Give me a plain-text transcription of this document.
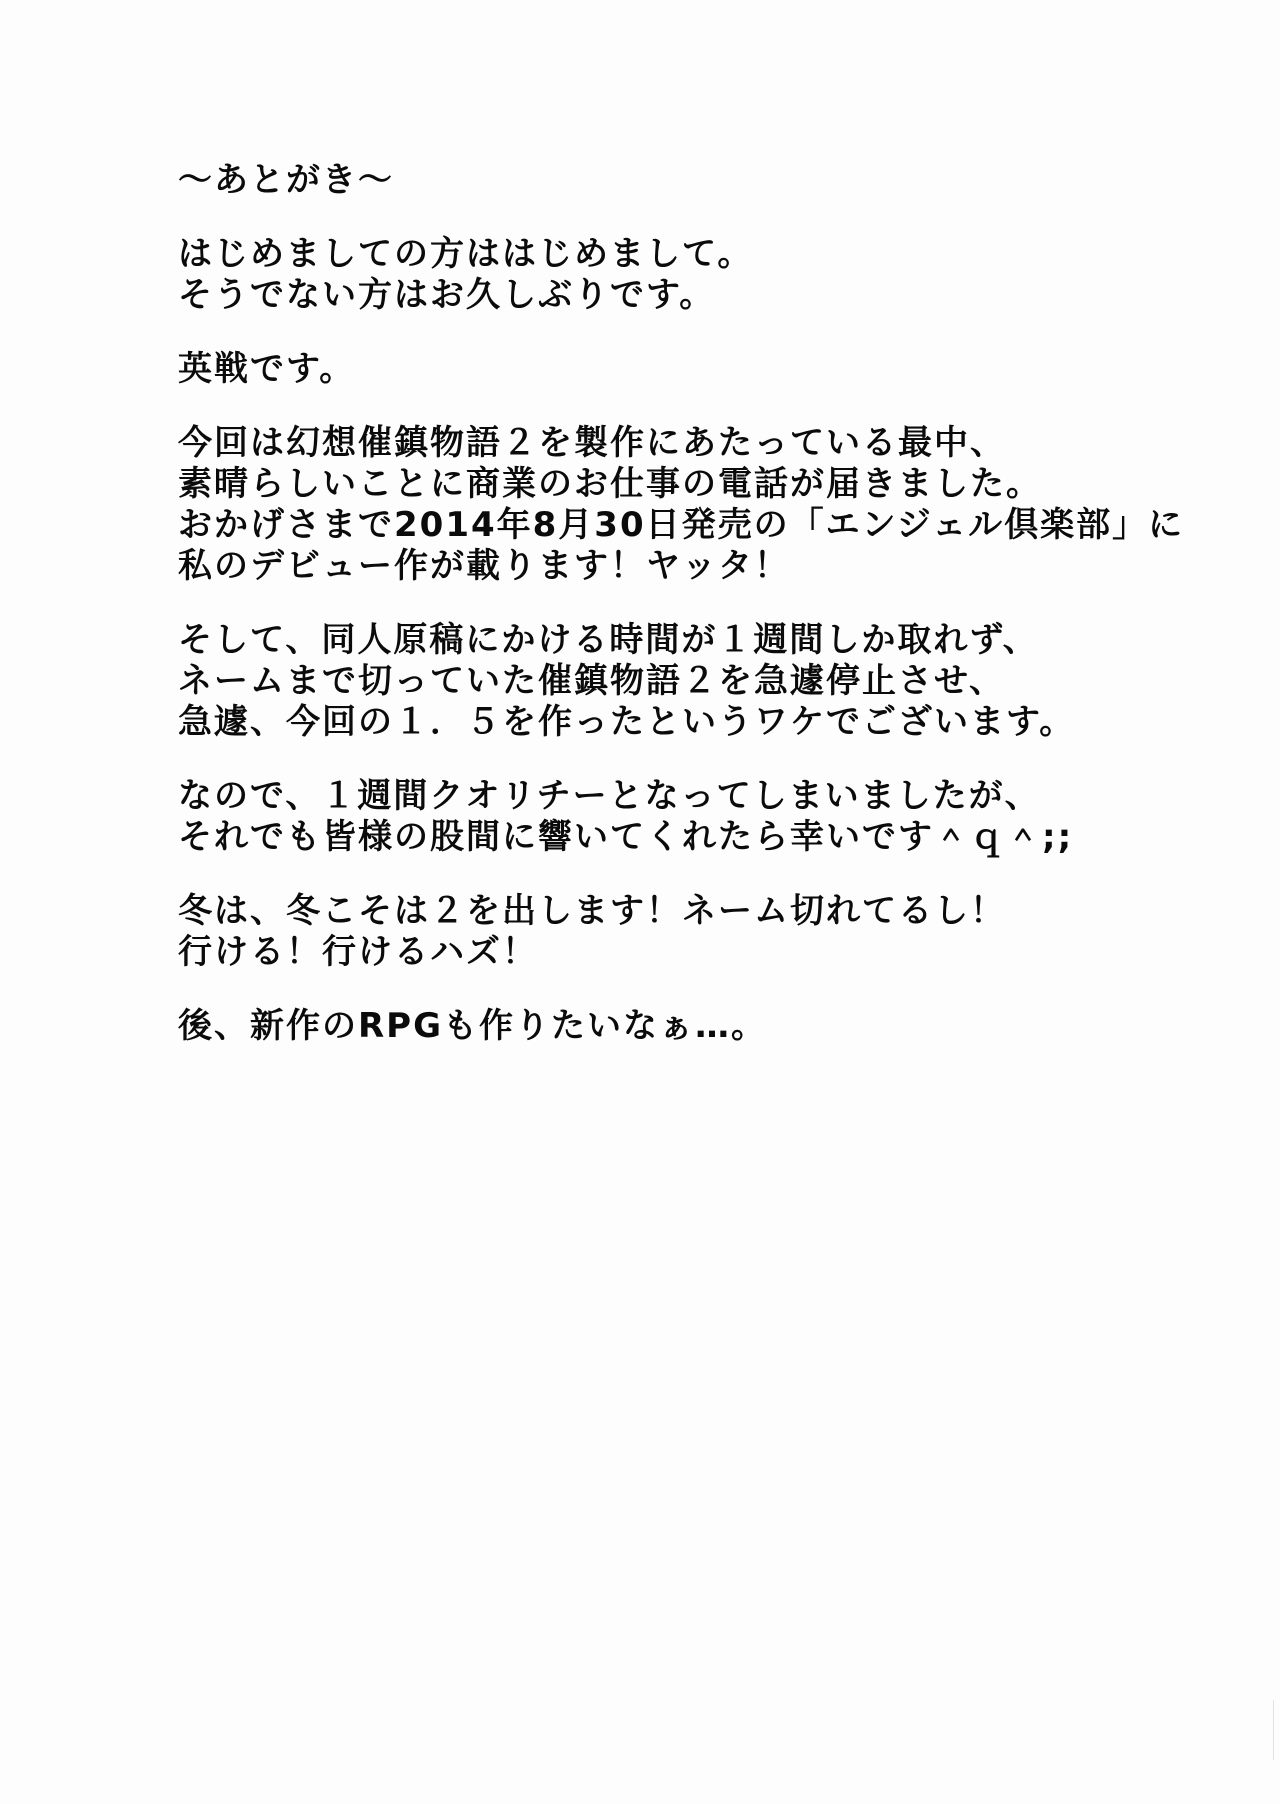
〜あとがき〜
はじめましての方ははじめまして。
そうでない方はお久しぶりです。
英戦です。
今回は幻想催鎮物語２を製作にあたっている最中、
素晴らしいことに商業のお仕事の電話が届きました。
おかげさまで2014年8月30日発売の「エンジェル倶楽部」に
私のデビュー作が載ります！ヤッタ！
そして、同人原稿にかける時間が１週間しか取れず、
ネームまで切っていた催鎮物語２を急遽停止させ、
急遽、今回の１．５を作ったというワケでございます。
なので、１週間クオリチーとなってしまいましたが、
それでも皆様の股間に響いてくれたら幸いです＾ｑ＾;;
冬は、冬こそは２を出します！ネーム切れてるし！
行ける！行けるハズ！
後、新作のRPGも作りたいなぁ…。
